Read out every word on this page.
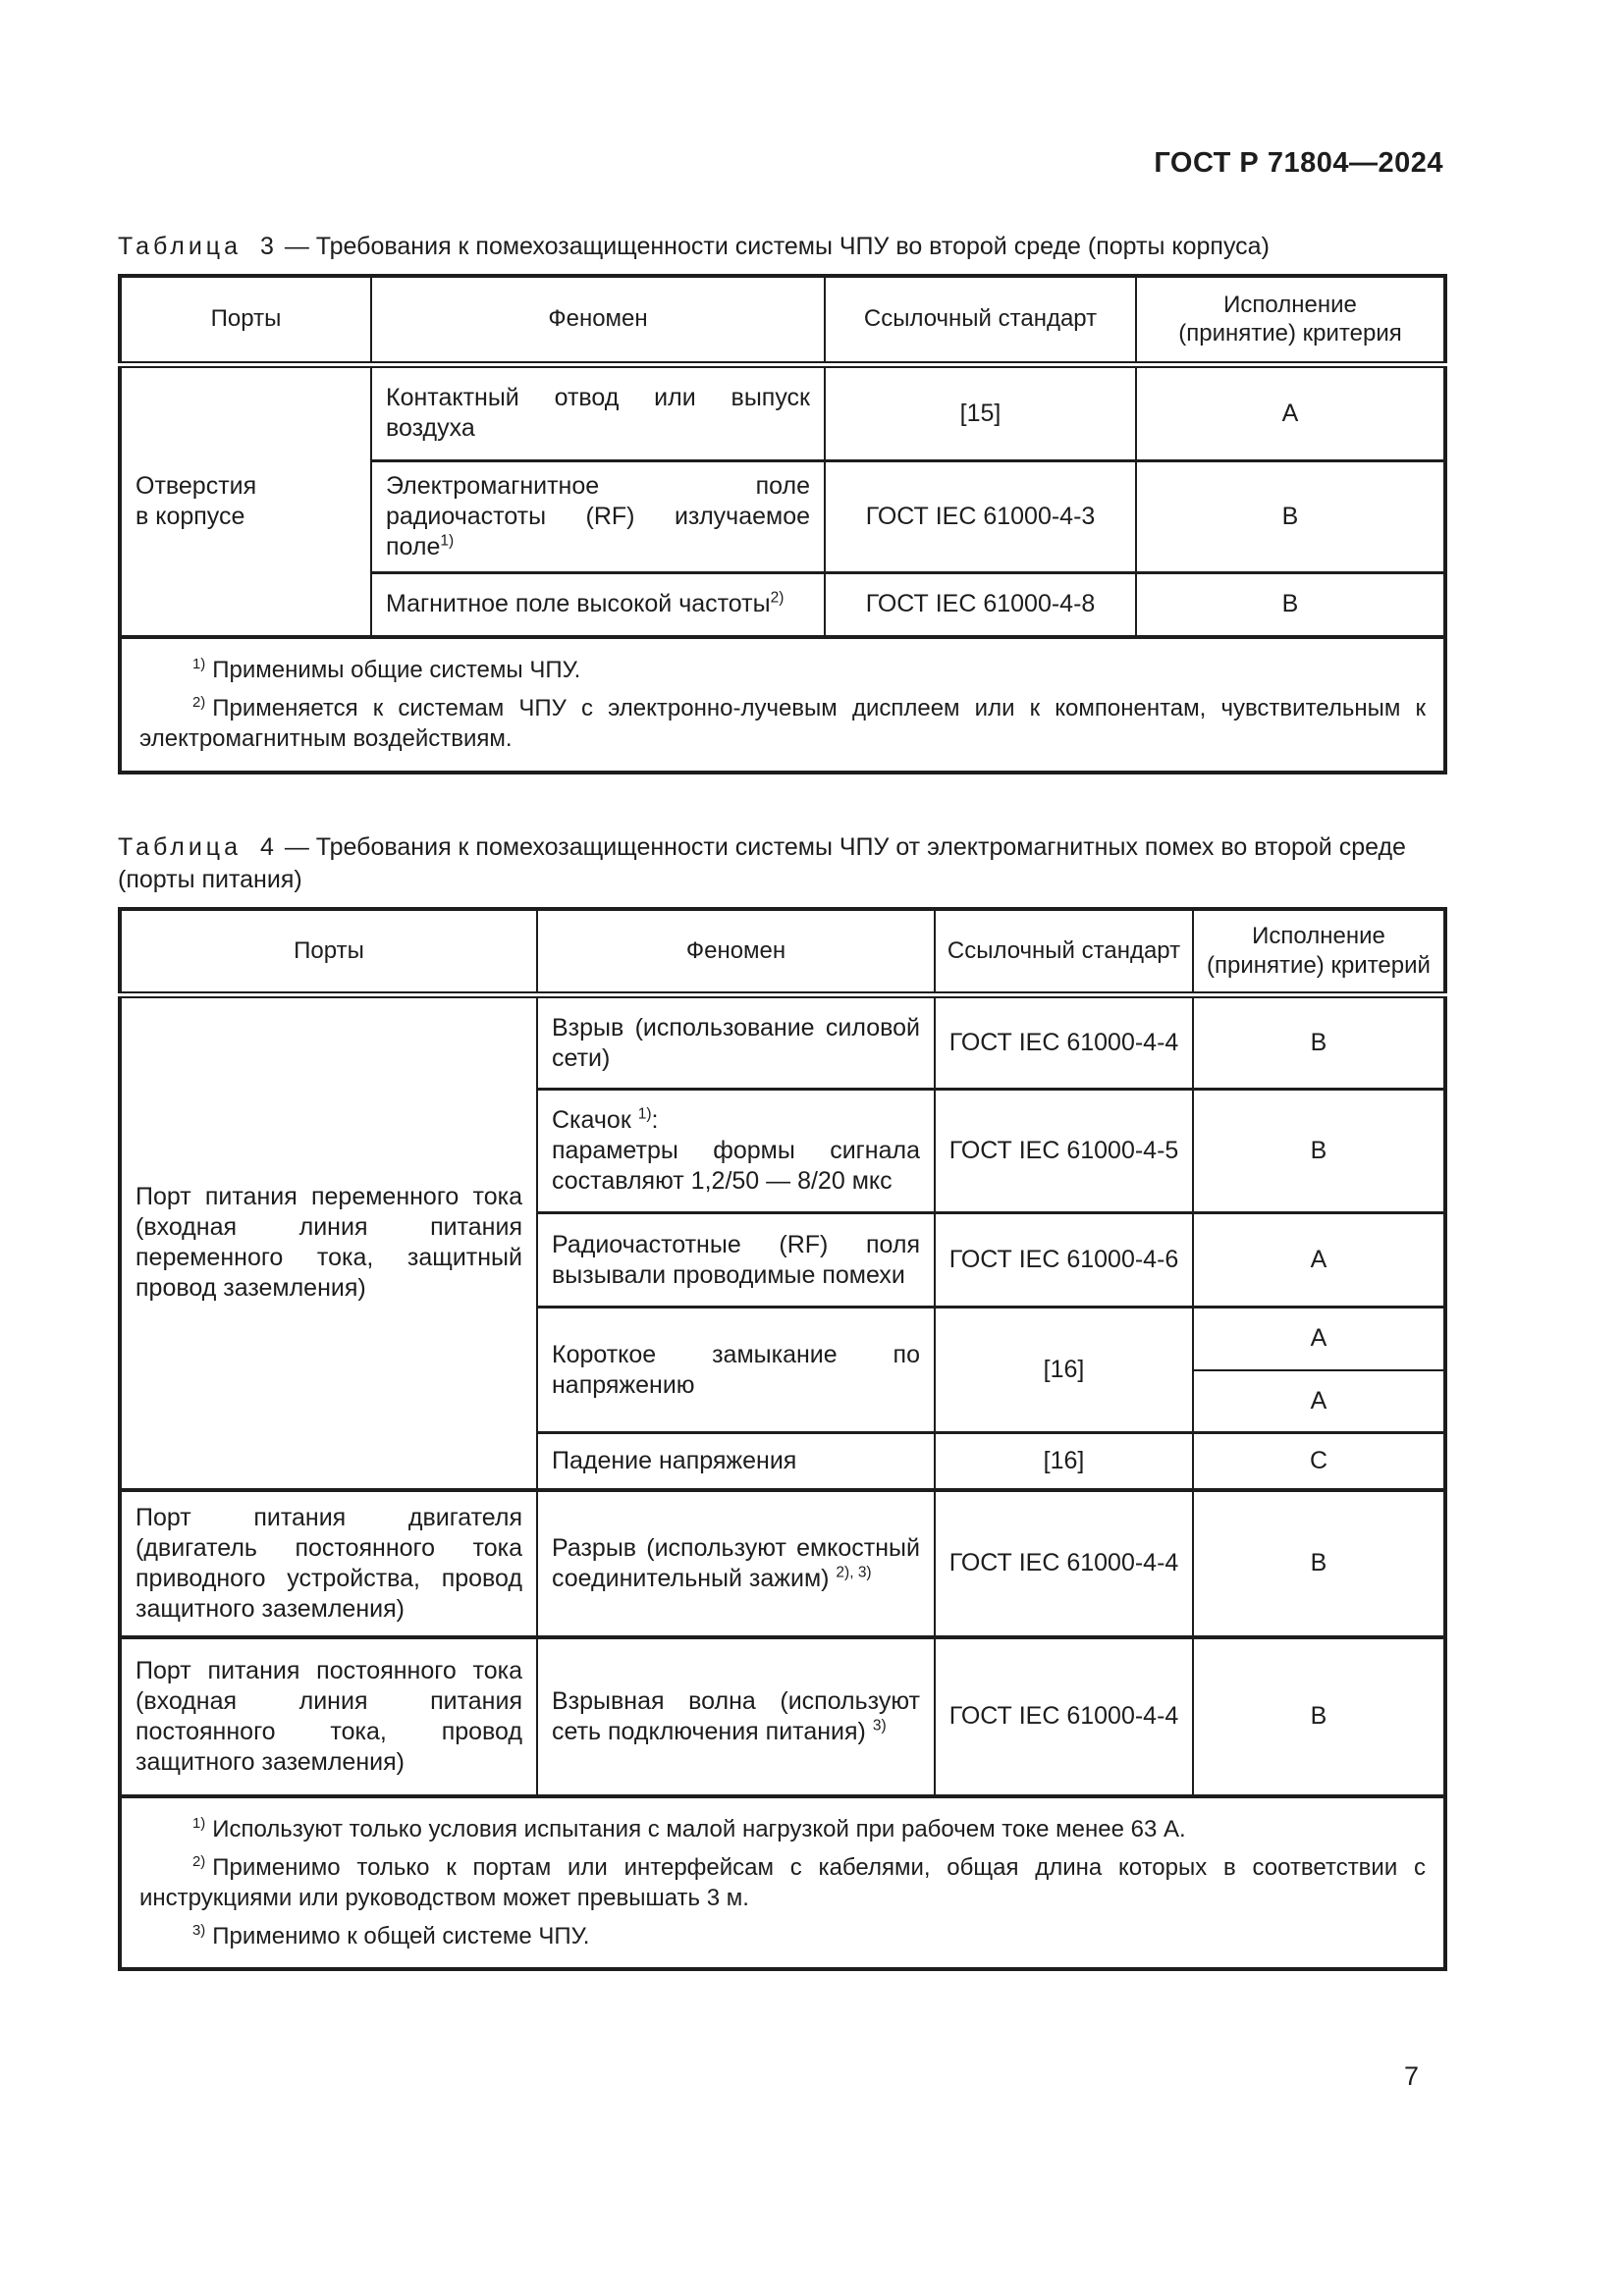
ГОСТ Р 71804—2024
Таблица 3 — Требования к помехозащищенности системы ЧПУ во второй среде (порты корпуса)
Порты	Феномен	Ссылочный стандарт	Исполнение (принятие) критерия
Отверстия в корпусе	Контактный отвод или выпуск воздуха	[15]	А
	Электромагнитное поле радиочастоты (RF) излучаемое поле$^{1)}$	ГОСТ IEC 61000-4-3	В
	Магнитное поле высокой частоты$^{2)}$	ГОСТ IEC 61000-4-8	В

$^{1)}$ Применимы общие системы ЧПУ.

$^{2)}$ Применяется к системам ЧПУ с электронно-лучевым дисплеем или к компонентам, чувствительным к электромагнитным воздействиям.			

Таблица 4 — Требования к помехозащищенности системы ЧПУ от электромагнитных помех во второй среде (порты питания)
Порты	Феномен	Ссылочный стандарт	Исполнение (принятие) критерий
Порт питания переменного тока (входная линия питания переменного тока, защитный провод заземления)	Взрыв (использование силовой сети)	ГОСТ IEC 61000-4-4	В
	Скачок $^{1)}$:
параметры формы сигнала составляют 1,2/50 — 8/20 мкс	ГОСТ IEC 61000-4-5	В
	Радиочастотные (RF) поля вызывали проводимые помехи	ГОСТ IEC 61000-4-6	А
	Короткое замыкание по напряжению	[16]	А
			А
	Падение напряжения	[16]	С
Порт питания двигателя (двигатель постоянного тока приводного устройства, провод защитного заземления)	Разрыв (используют емкостный соединительный зажим) $^{2), 3)}$	ГОСТ IEC 61000-4-4	В
Порт питания постоянного тока (входная линия питания постоянного тока, провод защитного заземления)	Взрывная волна (используют сеть подключения питания) $^{3)}$	ГОСТ IEC 61000-4-4	В

$^{1)}$ Используют только условия испытания с малой нагрузкой при рабочем токе менее 63 А.

$^{2)}$ Применимо только к портам или интерфейсам с кабелями, общая длина которых в соответствии с инструкциями или руководством может превышать 3 м.

$^{3)}$ Применимо к общей системе ЧПУ.			

7
